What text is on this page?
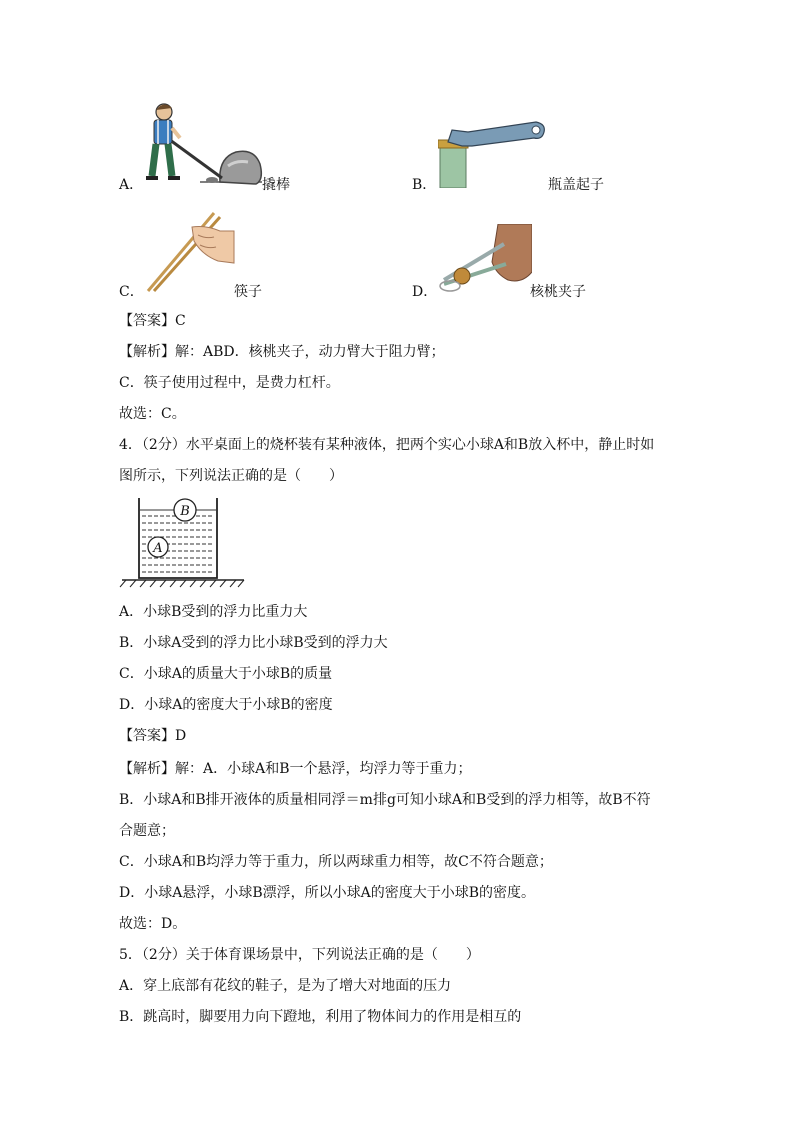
A．	撬棒	B．	瓶盖起子
C．	筷子	D．	核桃夹子
【答案】C
【解析】解：ABD．核桃夹子，动力臂大于阻力臂；
C．筷子使用过程中，是费力杠杆。
故选：C。
4．（2分）水平桌面上的烧杯装有某种液体，把两个实心小球A和B放入杯中，静止时如
图所示，下列说法正确的是（　　）
B
A
A．小球B受到的浮力比重力大
B．小球A受到的浮力比小球B受到的浮力大
C．小球A的质量大于小球B的质量
D．小球A的密度大于小球B的密度
【答案】D
【解析】解：A．小球A和B一个悬浮，均浮力等于重力；
B．小球A和B排开液体的质量相同浮＝m排g可知小球A和B受到的浮力相等，故B不符
合题意；
C．小球A和B均浮力等于重力，所以两球重力相等，故C不符合题意；
D．小球A悬浮，小球B漂浮，所以小球A的密度大于小球B的密度。
故选：D。
5．（2分）关于体育课场景中，下列说法正确的是（　　）
A．穿上底部有花纹的鞋子，是为了增大对地面的压力
B．跳高时，脚要用力向下蹬地，利用了物体间力的作用是相互的
